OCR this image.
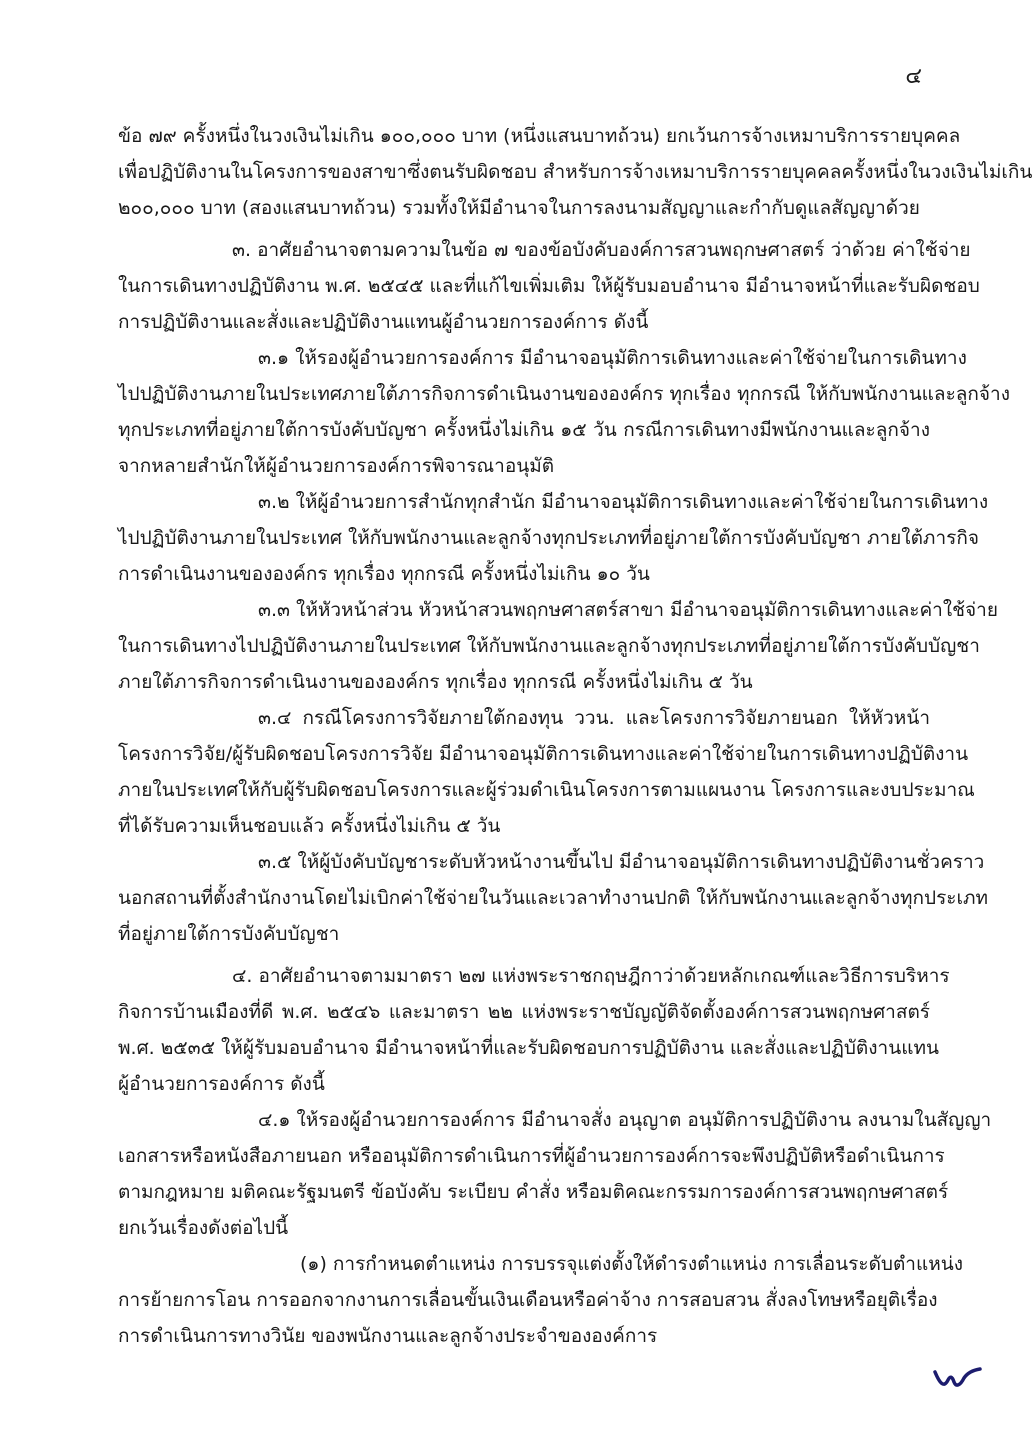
๔
ข้อ ๗๙ ครั้งหนึ่งในวงเงินไม่เกิน ๑๐๐,๐๐๐ บาท (หนึ่งแสนบาทถ้วน) ยกเว้นการจ้างเหมาบริการรายบุคคล
เพื่อปฏิบัติงานในโครงการของสาขาซึ่งตนรับผิดชอบ สำหรับการจ้างเหมาบริการรายบุคคลครั้งหนึ่งในวงเงินไม่เกิน
๒๐๐,๐๐๐ บาท (สองแสนบาทถ้วน) รวมทั้งให้มีอำนาจในการลงนามสัญญาและกำกับดูแลสัญญาด้วย
๓. อาศัยอำนาจตามความในข้อ ๗ ของข้อบังคับองค์การสวนพฤกษศาสตร์ ว่าด้วย ค่าใช้จ่าย
ในการเดินทางปฏิบัติงาน พ.ศ. ๒๕๔๕ และที่แก้ไขเพิ่มเติม ให้ผู้รับมอบอำนาจ มีอำนาจหน้าที่และรับผิดชอบ
การปฏิบัติงานและสั่งและปฏิบัติงานแทนผู้อำนวยการองค์การ ดังนี้
๓.๑ ให้รองผู้อำนวยการองค์การ มีอำนาจอนุมัติการเดินทางและค่าใช้จ่ายในการเดินทาง
ไปปฏิบัติงานภายในประเทศภายใต้ภารกิจการดำเนินงานขององค์กร ทุกเรื่อง ทุกกรณี ให้กับพนักงานและลูกจ้าง
ทุกประเภทที่อยู่ภายใต้การบังคับบัญชา ครั้งหนึ่งไม่เกิน ๑๕ วัน กรณีการเดินทางมีพนักงานและลูกจ้าง
จากหลายสำนักให้ผู้อำนวยการองค์การพิจารณาอนุมัติ
๓.๒ ให้ผู้อำนวยการสำนักทุกสำนัก มีอำนาจอนุมัติการเดินทางและค่าใช้จ่ายในการเดินทาง
ไปปฏิบัติงานภายในประเทศ ให้กับพนักงานและลูกจ้างทุกประเภทที่อยู่ภายใต้การบังคับบัญชา ภายใต้ภารกิจ
การดำเนินงานขององค์กร ทุกเรื่อง ทุกกรณี ครั้งหนึ่งไม่เกิน ๑๐ วัน
๓.๓ ให้หัวหน้าส่วน หัวหน้าสวนพฤกษศาสตร์สาขา มีอำนาจอนุมัติการเดินทางและค่าใช้จ่าย
ในการเดินทางไปปฏิบัติงานภายในประเทศ ให้กับพนักงานและลูกจ้างทุกประเภทที่อยู่ภายใต้การบังคับบัญชา
ภายใต้ภารกิจการดำเนินงานขององค์กร ทุกเรื่อง ทุกกรณี ครั้งหนึ่งไม่เกิน ๕ วัน
๓.๔ กรณีโครงการวิจัยภายใต้กองทุน ววน. และโครงการวิจัยภายนอก ให้หัวหน้า
โครงการวิจัย/ผู้รับผิดชอบโครงการวิจัย มีอำนาจอนุมัติการเดินทางและค่าใช้จ่ายในการเดินทางปฏิบัติงาน
ภายในประเทศให้กับผู้รับผิดชอบโครงการและผู้ร่วมดำเนินโครงการตามแผนงาน โครงการและงบประมาณ
ที่ได้รับความเห็นชอบแล้ว ครั้งหนึ่งไม่เกิน ๕ วัน
๓.๕ ให้ผู้บังคับบัญชาระดับหัวหน้างานขึ้นไป มีอำนาจอนุมัติการเดินทางปฏิบัติงานชั่วคราว
นอกสถานที่ตั้งสำนักงานโดยไม่เบิกค่าใช้จ่ายในวันและเวลาทำงานปกติ ให้กับพนักงานและลูกจ้างทุกประเภท
ที่อยู่ภายใต้การบังคับบัญชา
๔. อาศัยอำนาจตามมาตรา ๒๗ แห่งพระราชกฤษฎีกาว่าด้วยหลักเกณฑ์และวิธีการบริหาร
กิจการบ้านเมืองที่ดี พ.ศ. ๒๕๔๖ และมาตรา ๒๒ แห่งพระราชบัญญัติจัดตั้งองค์การสวนพฤกษศาสตร์
พ.ศ. ๒๕๓๕ ให้ผู้รับมอบอำนาจ มีอำนาจหน้าที่และรับผิดชอบการปฏิบัติงาน และสั่งและปฏิบัติงานแทน
ผู้อำนวยการองค์การ ดังนี้
๔.๑ ให้รองผู้อำนวยการองค์การ มีอำนาจสั่ง อนุญาต อนุมัติการปฏิบัติงาน ลงนามในสัญญา
เอกสารหรือหนังสือภายนอก หรืออนุมัติการดำเนินการที่ผู้อำนวยการองค์การจะพึงปฏิบัติหรือดำเนินการ
ตามกฎหมาย มติคณะรัฐมนตรี ข้อบังคับ ระเบียบ คำสั่ง หรือมติคณะกรรมการองค์การสวนพฤกษศาสตร์
ยกเว้นเรื่องดังต่อไปนี้
(๑) การกำหนดตำแหน่ง การบรรจุแต่งตั้งให้ดำรงตำแหน่ง การเลื่อนระดับตำแหน่ง
การย้ายการโอน การออกจากงานการเลื่อนขั้นเงินเดือนหรือค่าจ้าง การสอบสวน สั่งลงโทษหรือยุติเรื่อง
การดำเนินการทางวินัย ของพนักงานและลูกจ้างประจำขององค์การ
